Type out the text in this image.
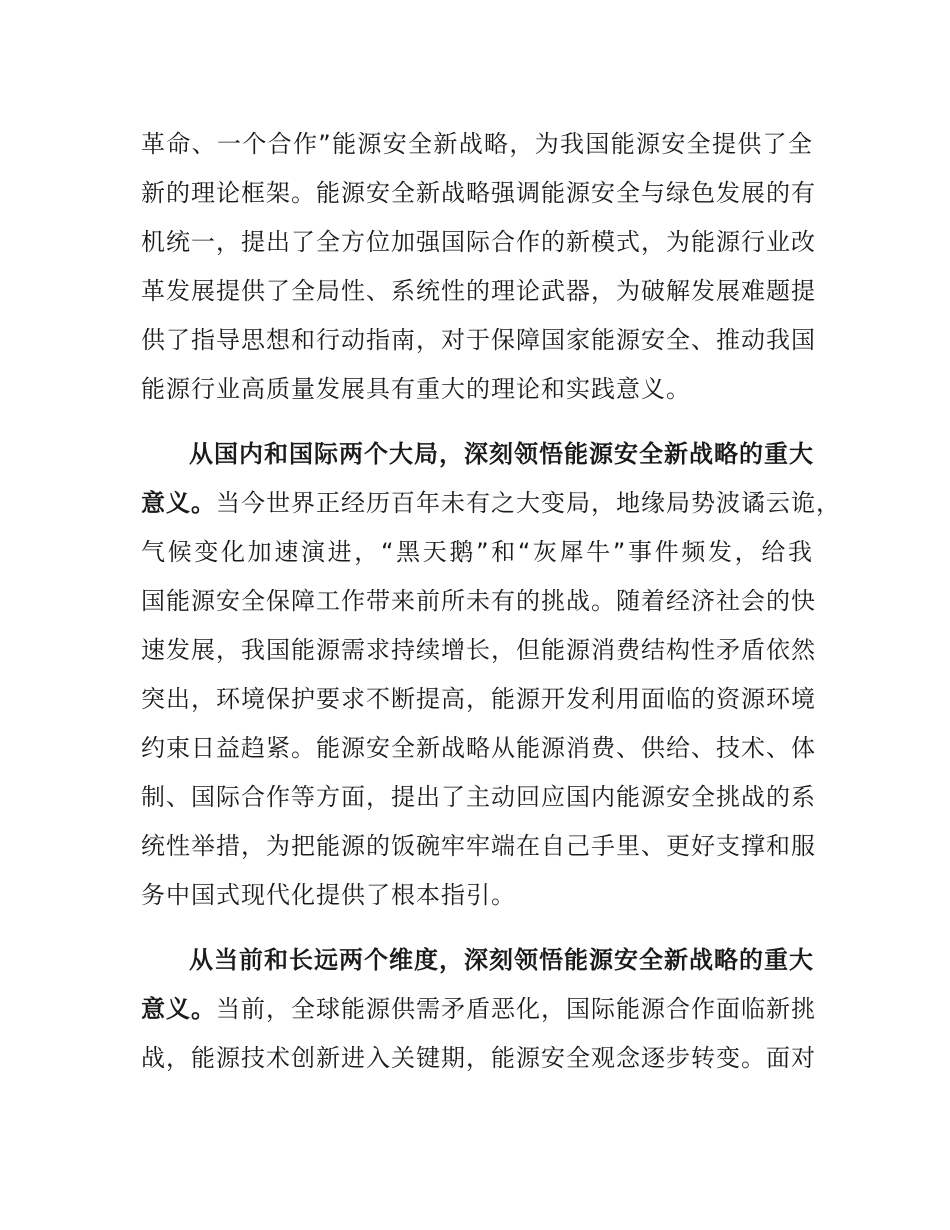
革命、一个合作”能源安全新战略，为我国能源安全提供了全
新的理论框架。能源安全新战略强调能源安全与绿色发展的有
机统一，提出了全方位加强国际合作的新模式，为能源行业改
革发展提供了全局性、系统性的理论武器，为破解发展难题提
供了指导思想和行动指南，对于保障国家能源安全、推动我国
能源行业高质量发展具有重大的理论和实践意义。
从国内和国际两个大局，深刻领悟能源安全新战略的重大
意义。当今世界正经历百年未有之大变局，地缘局势波谲云诡，
气候变化加速演进，“黑天鹅”和“灰犀牛”事件频发，给我
国能源安全保障工作带来前所未有的挑战。随着经济社会的快
速发展，我国能源需求持续增长，但能源消费结构性矛盾依然
突出，环境保护要求不断提高，能源开发利用面临的资源环境
约束日益趋紧。能源安全新战略从能源消费、供给、技术、体
制、国际合作等方面，提出了主动回应国内能源安全挑战的系
统性举措，为把能源的饭碗牢牢端在自己手里、更好支撑和服
务中国式现代化提供了根本指引。
从当前和长远两个维度，深刻领悟能源安全新战略的重大
意义。当前，全球能源供需矛盾恶化，国际能源合作面临新挑
战，能源技术创新进入关键期，能源安全观念逐步转变。面对
